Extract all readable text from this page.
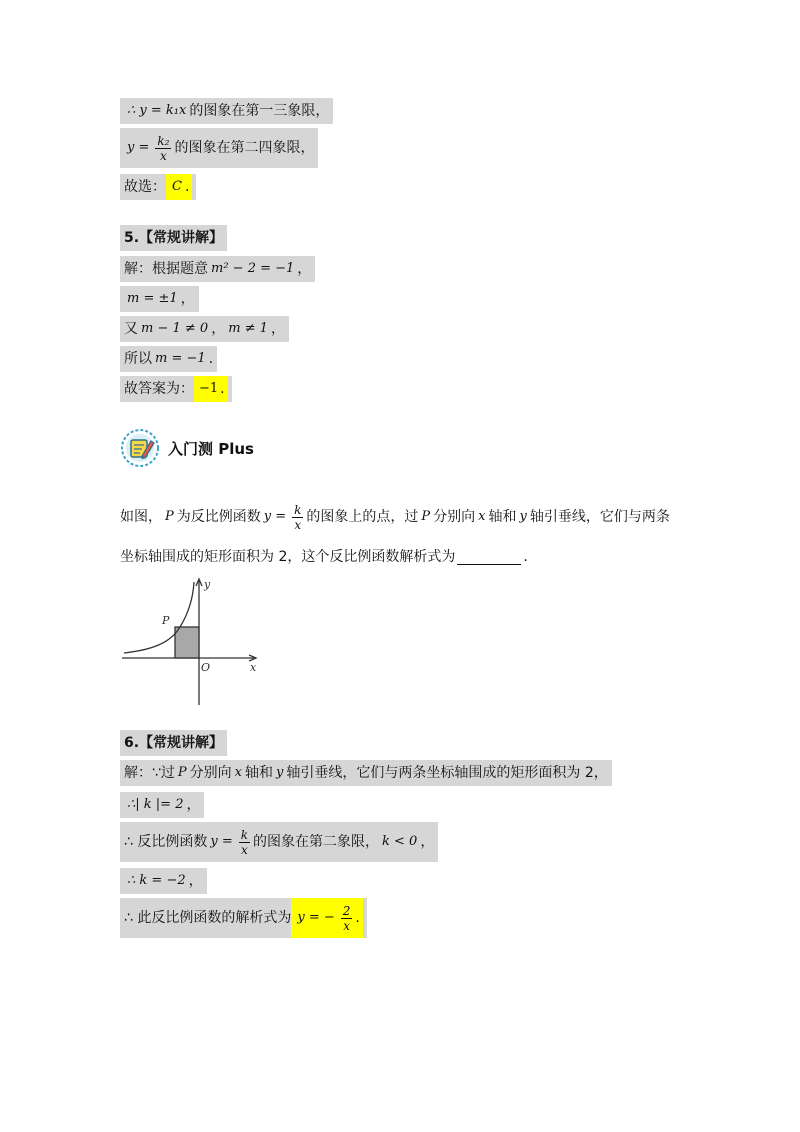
∴ y = k₁x 的图象在第一三象限，
$y = \frac{\text{k₂}}{x}$ 的图象在第二四象限，
故选： C .
5.【常规讲解】
解：根据题意 m² − 2 = −1 ，
m = ±1 ，
又 m − 1 ≠ 0 ， m ≠ 1 ，
所以 m = −1 .
故答案为： −1 .
入门测 Plus
如图， P 为反比例函数 $y = \frac{k}{x}$ 的图象上的点，过 P 分别向 x 轴和 y 轴引垂线，它们与两条
坐标轴围成的矩形面积为 2，这个反比例函数解析式为	.
P
y
O	x
6.【常规讲解】
解：∵过 P 分别向 x 轴和 y 轴引垂线，它们与两条坐标轴围成的矩形面积为 2，
∴| k |= 2 ，
∴ 反比例函数 $y = \frac{k}{x}$ 的图象在第二象限， k < 0 ，
∴ k = −2 ，
∴ 此反比例函数的解析式为 y = − $\frac{2}{x}$ .
